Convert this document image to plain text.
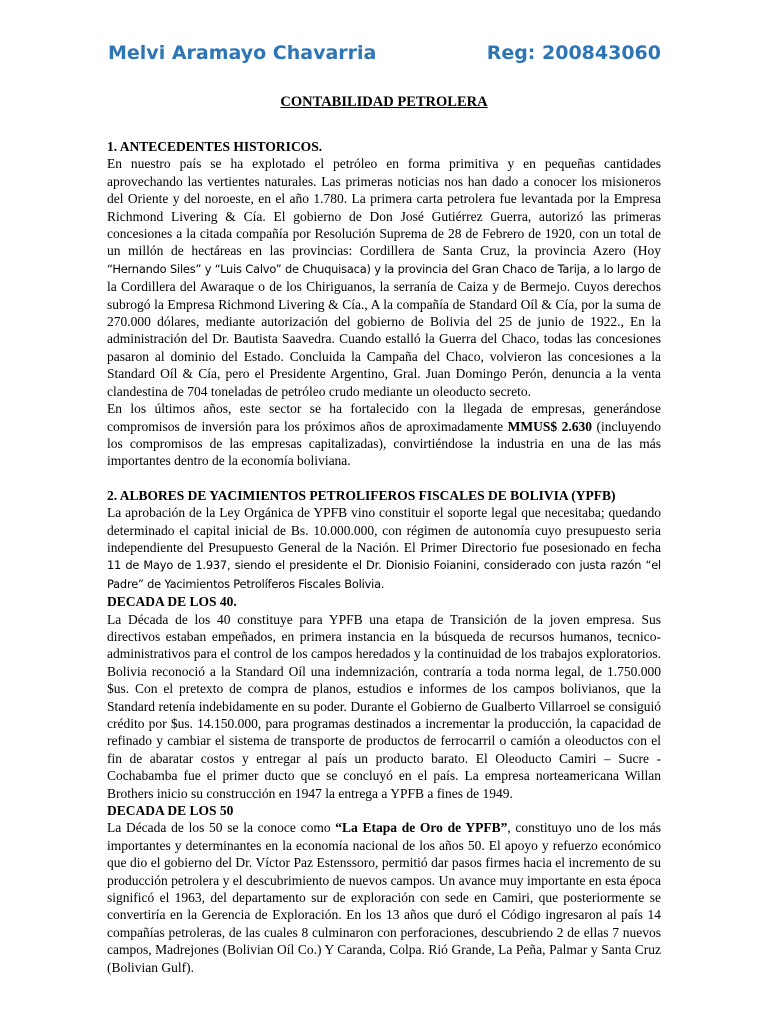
Melvi Aramayo Chavarria	Reg: 200843060
CONTABILIDAD PETROLERA
1. ANTECEDENTES HISTORICOS.

En nuestro país se ha explotado el petróleo en forma primitiva y en pequeñas cantidades aprovechando las vertientes naturales. Las primeras noticias nos han dado a conocer los misioneros del Oriente y del noroeste, en el año 1.780. La primera carta petrolera fue levantada por la Empresa Richmond Livering & Cía. El gobierno de Don José Gutiérrez Guerra, autorizó las primeras concesiones a la citada compañía por Resolución Suprema de 28 de Febrero de 1920, con un total de un millón de hectáreas en las provincias: Cordillera de Santa Cruz, la provincia Azero (Hoy “Hernando Siles” y “Luis Calvo” de Chuquisaca) y la provincia del Gran Chaco de Tarija, a lo largo de la Cordillera del Awaraque o de los Chiriguanos, la serranía de Caiza y de Bermejo. Cuyos derechos subrogó la Empresa Richmond Livering & Cía., A la compañía de Standard Oíl & Cía, por la suma de 270.000 dólares, mediante autorización del gobierno de Bolivia del 25 de junio de 1922., En la administración del Dr. Bautista Saavedra. Cuando estalló la Guerra del Chaco, todas las concesiones pasaron al dominio del Estado. Concluida la Campaña del Chaco, volvieron las concesiones a la Standard Oíl & Cía, pero el Presidente Argentino, Gral. Juan Domingo Perón, denuncia a la venta clandestina de 704 toneladas de petróleo crudo mediante un oleoducto secreto.

En los últimos años, este sector se ha fortalecido con la llegada de empresas, generándose compromisos de inversión para los próximos años de aproximadamente MMUS$ 2.630 (incluyendo los compromisos de las empresas capitalizadas), convirtiéndose la industria en una de las más importantes dentro de la economía boliviana.

2. ALBORES DE YACIMIENTOS PETROLIFEROS FISCALES DE BOLIVIA (YPFB)

La aprobación de la Ley Orgánica de YPFB vino constituir el soporte legal que necesitaba; quedando determinado el capital inicial de Bs. 10.000.000, con régimen de autonomía cuyo presupuesto seria independiente del Presupuesto General de la Nación. El Primer Directorio fue posesionado en fecha 11 de Mayo de 1.937, siendo el presidente el Dr. Dionisio Foianini, considerado con justa razón “el Padre” de Yacimientos Petrolíferos Fiscales Bolivia.

DECADA DE LOS 40.

La Década de los 40 constituye para YPFB una etapa de Transición de la joven empresa. Sus directivos estaban empeñados, en primera instancia en la búsqueda de recursos humanos, tecnico-administrativos para el control de los campos heredados y la continuidad de los trabajos exploratorios. Bolivia reconoció a la Standard Oíl una indemnización, contraría a toda norma legal, de 1.750.000 $us. Con el pretexto de compra de planos, estudios e informes de los campos bolivianos, que la Standard retenía indebidamente en su poder. Durante el Gobierno de Gualberto Villarroel se consiguió crédito por $us. 14.150.000, para programas destinados a incrementar la producción, la capacidad de refinado y cambiar el sistema de transporte de productos de ferrocarril o camión a oleoductos con el fin de abaratar costos y entregar al país un producto barato. El Oleoducto Camiri – Sucre - Cochabamba fue el primer ducto que se concluyó en el país. La empresa norteamericana Willan Brothers inicio su construcción en 1947 la entrega a YPFB a fines de 1949.

DECADA DE LOS 50

La Década de los 50 se la conoce como “La Etapa de Oro de YPFB”, constituyo uno de los más importantes y determinantes en la economía nacional de los años 50. El apoyo y refuerzo económico que dio el gobierno del Dr. Víctor Paz Estenssoro, permitió dar pasos firmes hacia el incremento de su producción petrolera y el descubrimiento de nuevos campos. Un avance muy importante en esta época significó el 1963, del departamento sur de exploración con sede en Camiri, que posteriormente se convertiría en la Gerencia de Exploración. En los 13 años que duró el Código ingresaron al país 14 compañías petroleras, de las cuales 8 culminaron con perforaciones, descubriendo 2 de ellas 7 nuevos campos, Madrejones (Bolivian Oíl Co.) Y Caranda, Colpa. Rió Grande, La Peña, Palmar y Santa Cruz (Bolivian Gulf).
